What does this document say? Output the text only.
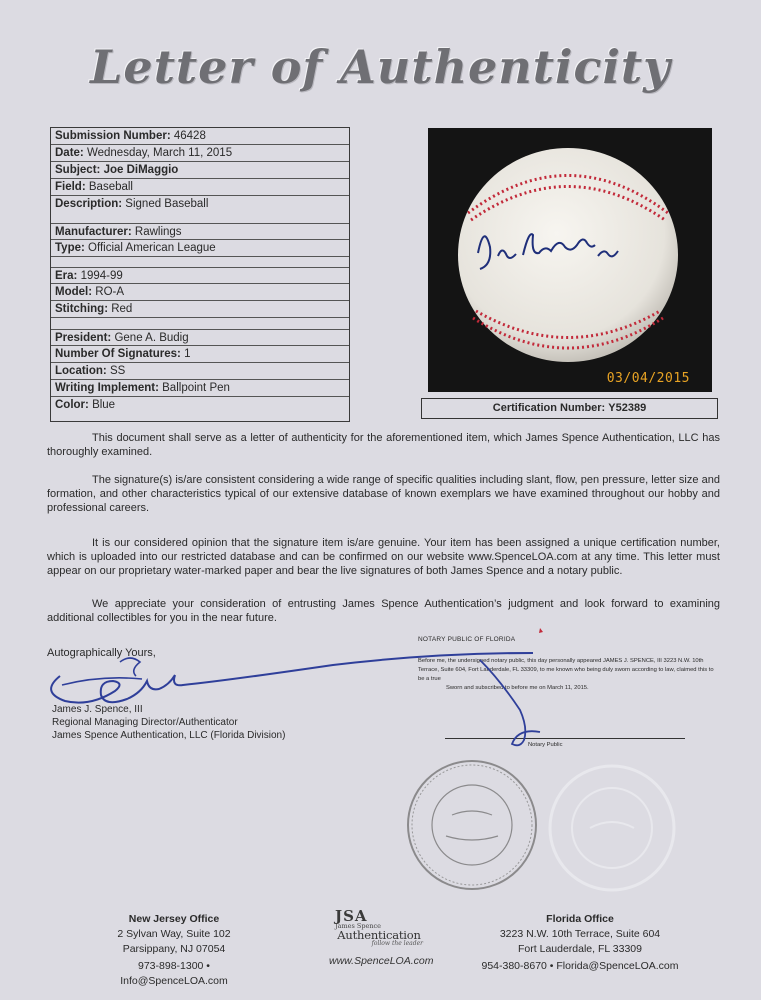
Letter of Authenticity
Submission Number: 46428
Date: Wednesday, March 11, 2015
Subject: Joe DiMaggio
Field: Baseball
Description: Signed Baseball
Manufacturer: Rawlings
Type: Official American League
Era: 1994-99
Model: RO-A
Stitching: Red
President: Gene A. Budig
Number Of Signatures: 1
Location: SS
Writing Implement: Ballpoint Pen
Color: Blue
03/04/2015
Certification Number: Y52389

This document shall serve as a letter of authenticity for the aforementioned item, which James Spence Authentication, LLC has thoroughly examined.

The signature(s) is/are consistent considering a wide range of specific qualities including slant, flow, pen pressure, letter size and formation, and other characteristics typical of our extensive database of known exemplars we have examined throughout our hobby and professional careers.

It is our considered opinion that the signature item is/are genuine. Your item has been assigned a unique certification number, which is uploaded into our restricted database and can be confirmed on our website www.SpenceLOA.com at any time. This letter must appear on our proprietary water-marked paper and bear the live signatures of both James Spence and a notary public.

We appreciate your consideration of entrusting James Spence Authentication’s judgment and look forward to examining additional collectibles for you in the near future.

Autographically Yours,
James J. Spence, III
Regional Managing Director/Authenticator
James Spence Authentication, LLC (Florida Division)
NOTARY PUBLIC OF FLORIDA
Before me, the undersigned notary public, this day personally appeared JAMES J. SPENCE, III 3223 N.W. 10th Terrace, Suite 604, Fort Lauderdale, FL 33309, to me known who being duly sworn according to law, claimed this to be a true
Sworn and subscribed to before me on March 11, 2015.
Notary Public
New Jersey Office
2 Sylvan Way, Suite 102
Parsippany, NJ 07054
973-898-1300 • Info@SpenceLOA.com
JSA
James Spence
Authentication
follow the leader
www.SpenceLOA.com
Florida Office
3223 N.W. 10th Terrace, Suite 604
Fort Lauderdale, FL 33309
954-380-8670 • Florida@SpenceLOA.com
